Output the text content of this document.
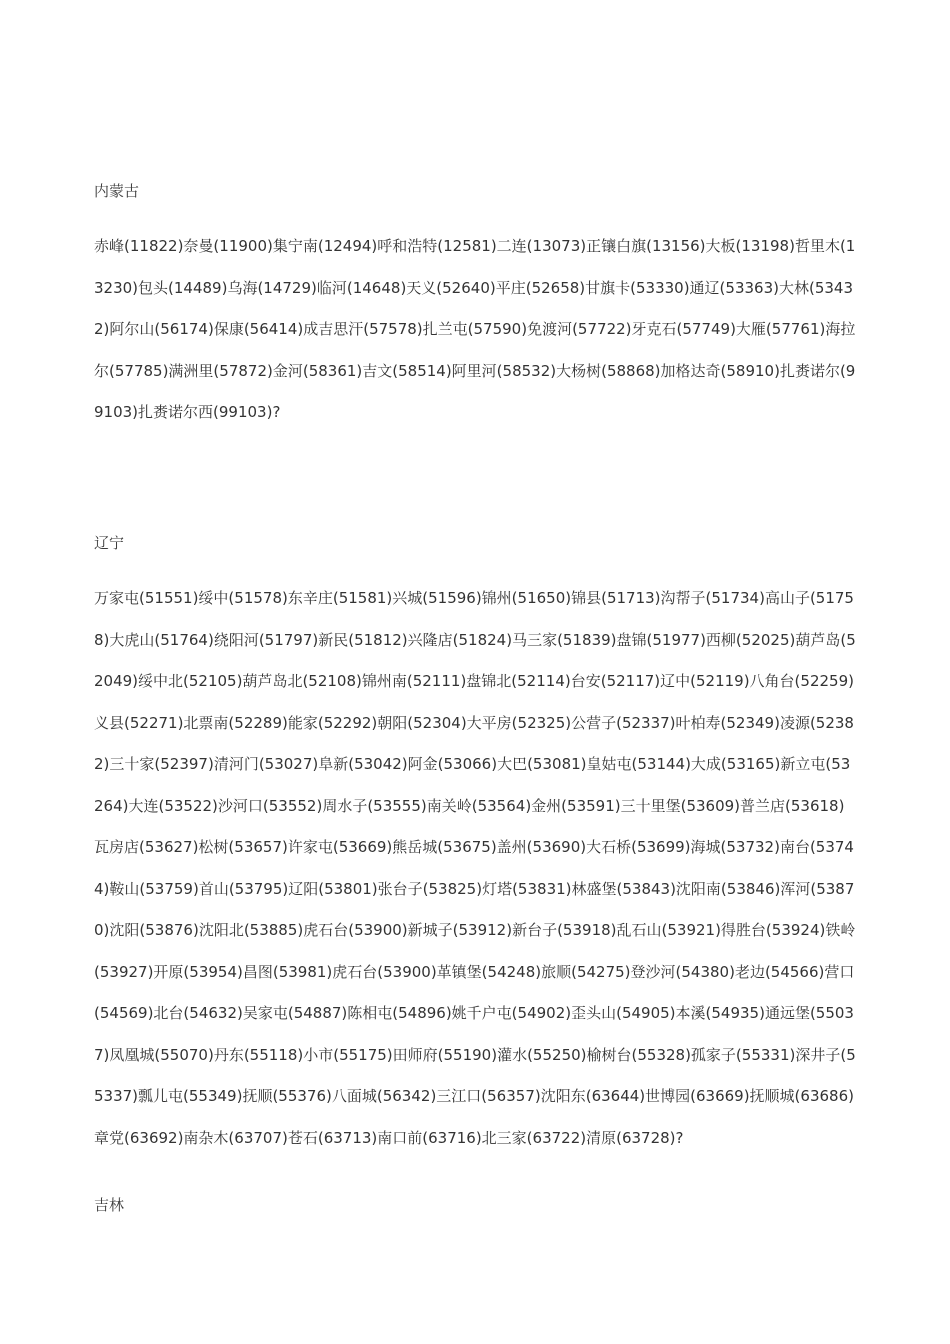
内蒙古

赤峰(11822)奈曼(11900)集宁南(12494)呼和浩特(12581)二连(13073)正镶白旗(13156)大板(13198)哲里木(13230)包头(14489)乌海(14729)临河(14648)天义(52640)平庄(52658)甘旗卡(53330)通辽(53363)大林(53432)阿尔山(56174)保康(56414)成吉思汗(57578)扎兰屯(57590)免渡河(57722)牙克石(57749)大雁(57761)海拉尔(57785)满洲里(57872)金河(58361)吉文(58514)阿里河(58532)大杨树(58868)加格达奇(58910)扎赉诺尔(99103)扎赉诺尔西(99103)?

辽宁

万家屯(51551)绥中(51578)东辛庄(51581)兴城(51596)锦州(51650)锦县(51713)沟帮子(51734)高山子(51758)大虎山(51764)绕阳河(51797)新民(51812)兴隆店(51824)马三家(51839)盘锦(51977)西柳(52025)葫芦岛(52049)绥中北(52105)葫芦岛北(52108)锦州南(52111)盘锦北(52114)台安(52117)辽中(52119)八角台(52259)义县(52271)北票南(52289)能家(52292)朝阳(52304)大平房(52325)公营子(52337)叶柏寿(52349)凌源(52382)三十家(52397)清河门(53027)阜新(53042)阿金(53066)大巴(53081)皇姑屯(53144)大成(53165)新立屯(53264)大连(53522)沙河口(53552)周水子(53555)南关岭(53564)金州(53591)三十里堡(53609)普兰店(53618)瓦房店(53627)松树(53657)许家屯(53669)熊岳城(53675)盖州(53690)大石桥(53699)海城(53732)南台(53744)鞍山(53759)首山(53795)辽阳(53801)张台子(53825)灯塔(53831)林盛堡(53843)沈阳南(53846)浑河(53870)沈阳(53876)沈阳北(53885)虎石台(53900)新城子(53912)新台子(53918)乱石山(53921)得胜台(53924)铁岭(53927)开原(53954)昌图(53981)虎石台(53900)革镇堡(54248)旅顺(54275)登沙河(54380)老边(54566)营口(54569)北台(54632)吴家屯(54887)陈相屯(54896)姚千户屯(54902)歪头山(54905)本溪(54935)通远堡(55037)凤凰城(55070)丹东(55118)小市(55175)田师府(55190)灌水(55250)榆树台(55328)孤家子(55331)深井子(55337)瓢儿屯(55349)抚顺(55376)八面城(56342)三江口(56357)沈阳东(63644)世博园(63669)抚顺城(63686)章党(63692)南杂木(63707)苍石(63713)南口前(63716)北三家(63722)清原(63728)?

吉林
